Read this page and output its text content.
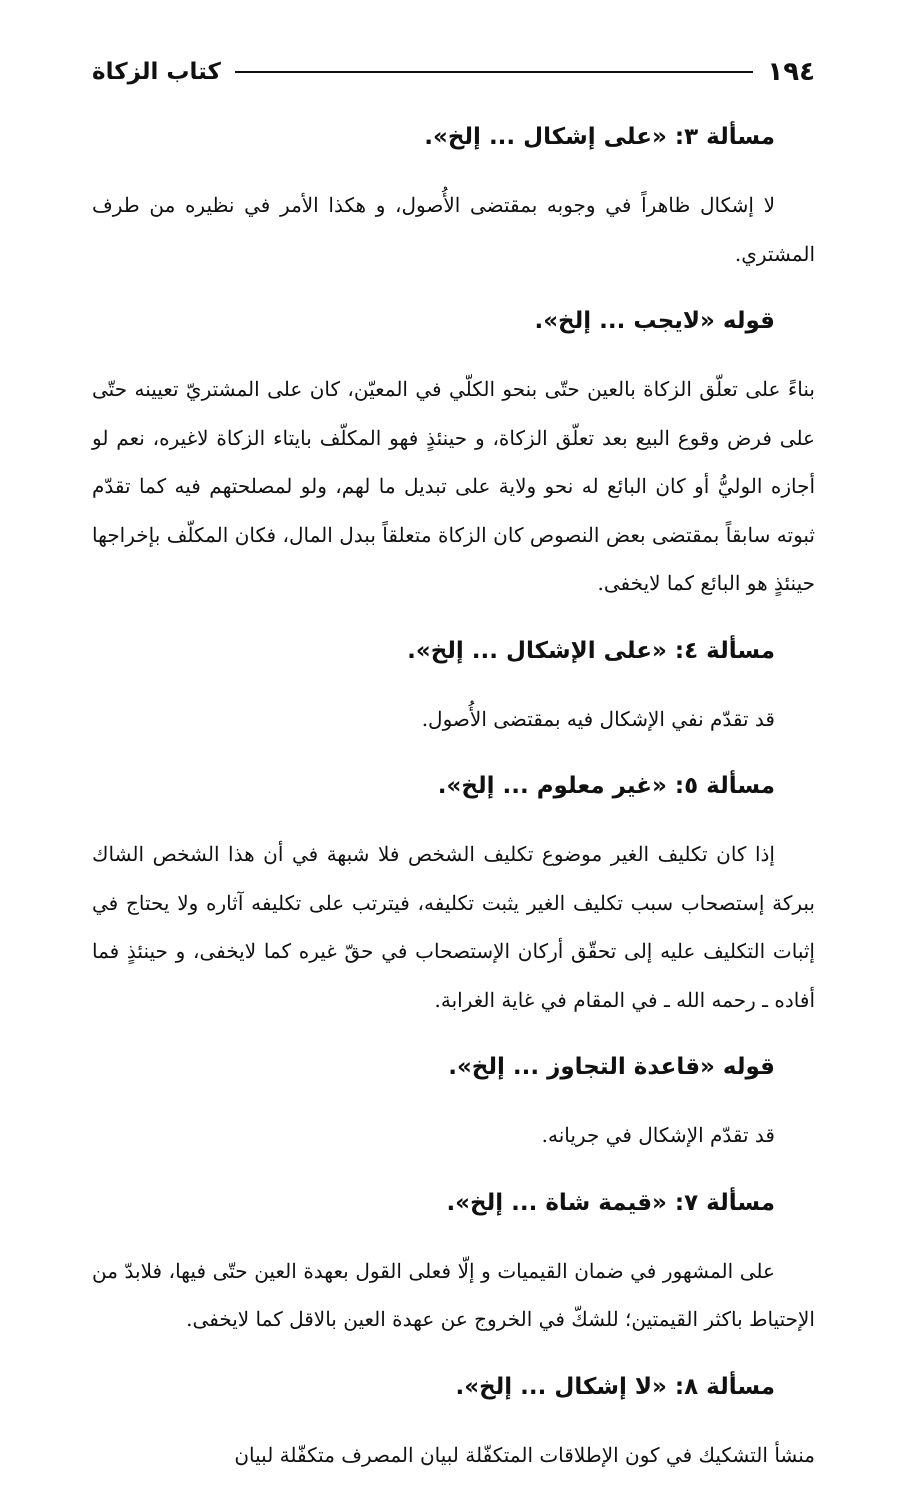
١٩٤
كتاب الزكاة
مسألة ٣: «على إشكال ... إلخ».

لا إشكال ظاهراً في وجوبه بمقتضى الأُصول، و هكذا الأمر في نظيره من طرف المشتري.

قوله «لايجب ... إلخ».

بناءً على تعلّق الزكاة بالعين حتّى بنحو الكلّي في المعيّن، كان على المشتريّ تعيينه حتّى على فرض وقوع البيع بعد تعلّق الزكاة، و حينئذٍ فهو المكلّف بايتاء الزكاة لاغيره، نعم لو أجازه الوليُّ أو كان البائع له نحو ولاية على تبديل ما لهم، ولو لمصلحتهم فيه كما تقدّم ثبوته سابقاً بمقتضى بعض النصوص كان الزكاة متعلقاً ببدل المال، فكان المكلّف بإخراجها حينئذٍ هو البائع كما لايخفى.

مسألة ٤: «على الإشكال ... إلخ».

قد تقدّم نفي الإشكال فيه بمقتضى الأُصول.

مسألة ٥: «غير معلوم ... إلخ».

إذا كان تكليف الغير موضوع تكليف الشخص فلا شبهة في أن هذا الشخص الشاك ببركة إستصحاب سبب تكليف الغير يثبت تكليفه، فيترتب على تكليفه آثاره ولا يحتاج في إثبات التكليف عليه إلى تحقّق أركان الإستصحاب في حقّ غيره كما لايخفى، و حينئذٍ فما أفاده ـ رحمه الله ـ في المقام في غاية الغرابة.

قوله «قاعدة التجاوز ... إلخ».

قد تقدّم الإشكال في جريانه.

مسألة ٧: «قيمة شاة ... إلخ».

على المشهور في ضمان القيميات و إلّا فعلى القول بعهدة العين حتّى فيها، فلابدّ من الإحتياط باكثر القيمتين؛ للشكّ في الخروج عن عهدة العين بالاقل كما لايخفى.

مسألة ٨: «لا إشكال ... إلخ».

منشأ التشكيك في كون الإطلاقات المتكفّلة لبيان المصرف متكفّلة لبيان
